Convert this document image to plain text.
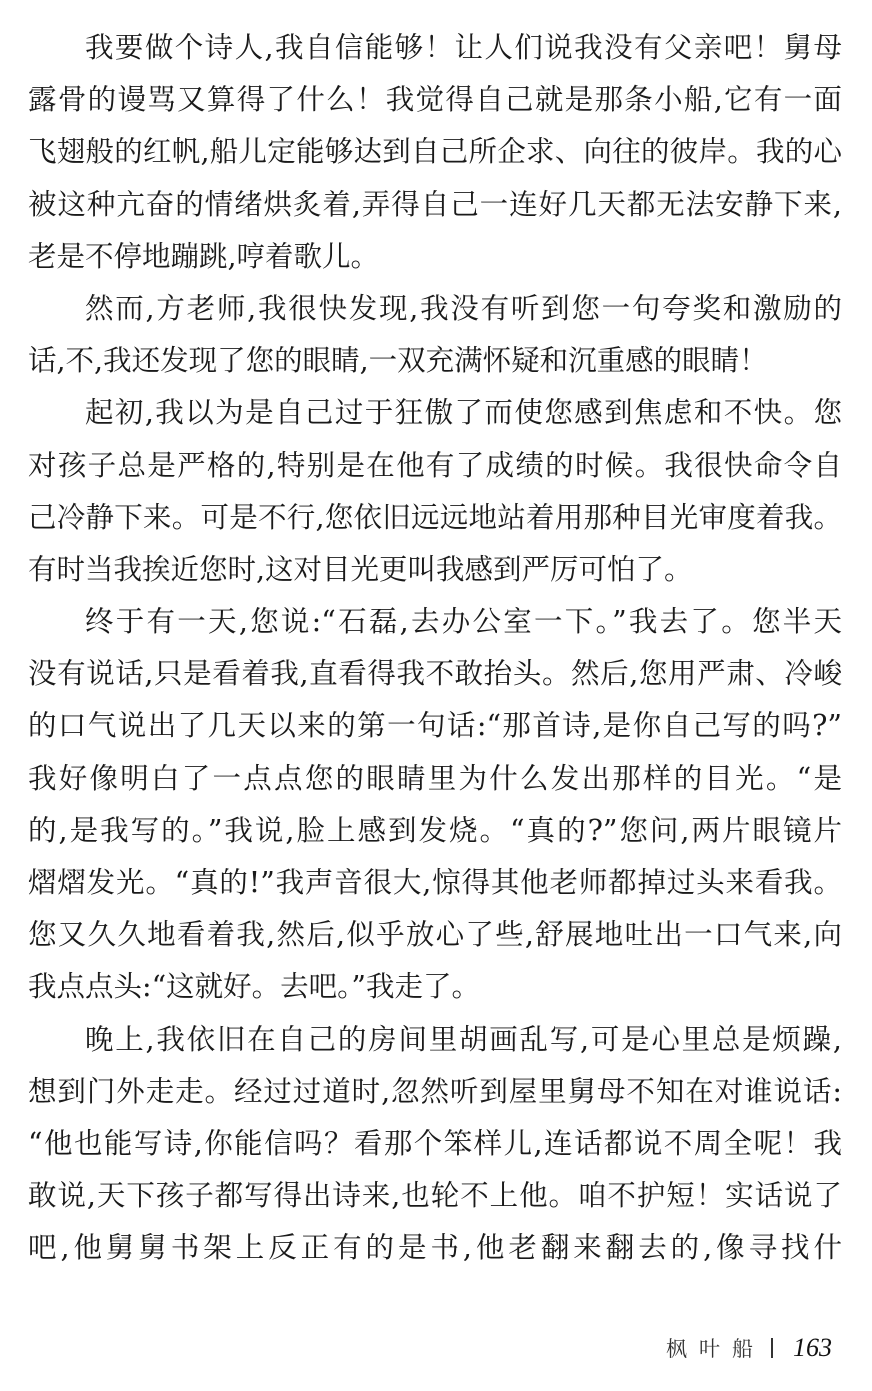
我要做个诗人,我自信能够！让人们说我没有父亲吧！舅母
露骨的谩骂又算得了什么！我觉得自己就是那条小船,它有一面
飞翅般的红帆,船儿定能够达到自己所企求、向往的彼岸。我的心
被这种亢奋的情绪烘炙着,弄得自己一连好几天都无法安静下来,
老是不停地蹦跳,哼着歌儿。
然而,方老师,我很快发现,我没有听到您一句夸奖和激励的
话,不,我还发现了您的眼睛,一双充满怀疑和沉重感的眼睛！
起初,我以为是自己过于狂傲了而使您感到焦虑和不快。您
对孩子总是严格的,特别是在他有了成绩的时候。我很快命令自
己冷静下来。可是不行,您依旧远远地站着用那种目光审度着我。
有时当我挨近您时,这对目光更叫我感到严厉可怕了。
终于有一天,您说:“石磊,去办公室一下。”我去了。您半天
没有说话,只是看着我,直看得我不敢抬头。然后,您用严肃、冷峻
的口气说出了几天以来的第一句话:“那首诗,是你自己写的吗?”
我好像明白了一点点您的眼睛里为什么发出那样的目光。“是
的,是我写的。”我说,脸上感到发烧。“真的?”您问,两片眼镜片
熠熠发光。“真的!”我声音很大,惊得其他老师都掉过头来看我。
您又久久地看着我,然后,似乎放心了些,舒展地吐出一口气来,向
我点点头:“这就好。去吧。”我走了。
晚上,我依旧在自己的房间里胡画乱写,可是心里总是烦躁,
想到门外走走。经过过道时,忽然听到屋里舅母不知在对谁说话:
“他也能写诗,你能信吗？看那个笨样儿,连话都说不周全呢！我
敢说,天下孩子都写得出诗来,也轮不上他。咱不护短！实话说了
吧,他舅舅书架上反正有的是书,他老翻来翻去的,像寻找什
枫叶船 163
